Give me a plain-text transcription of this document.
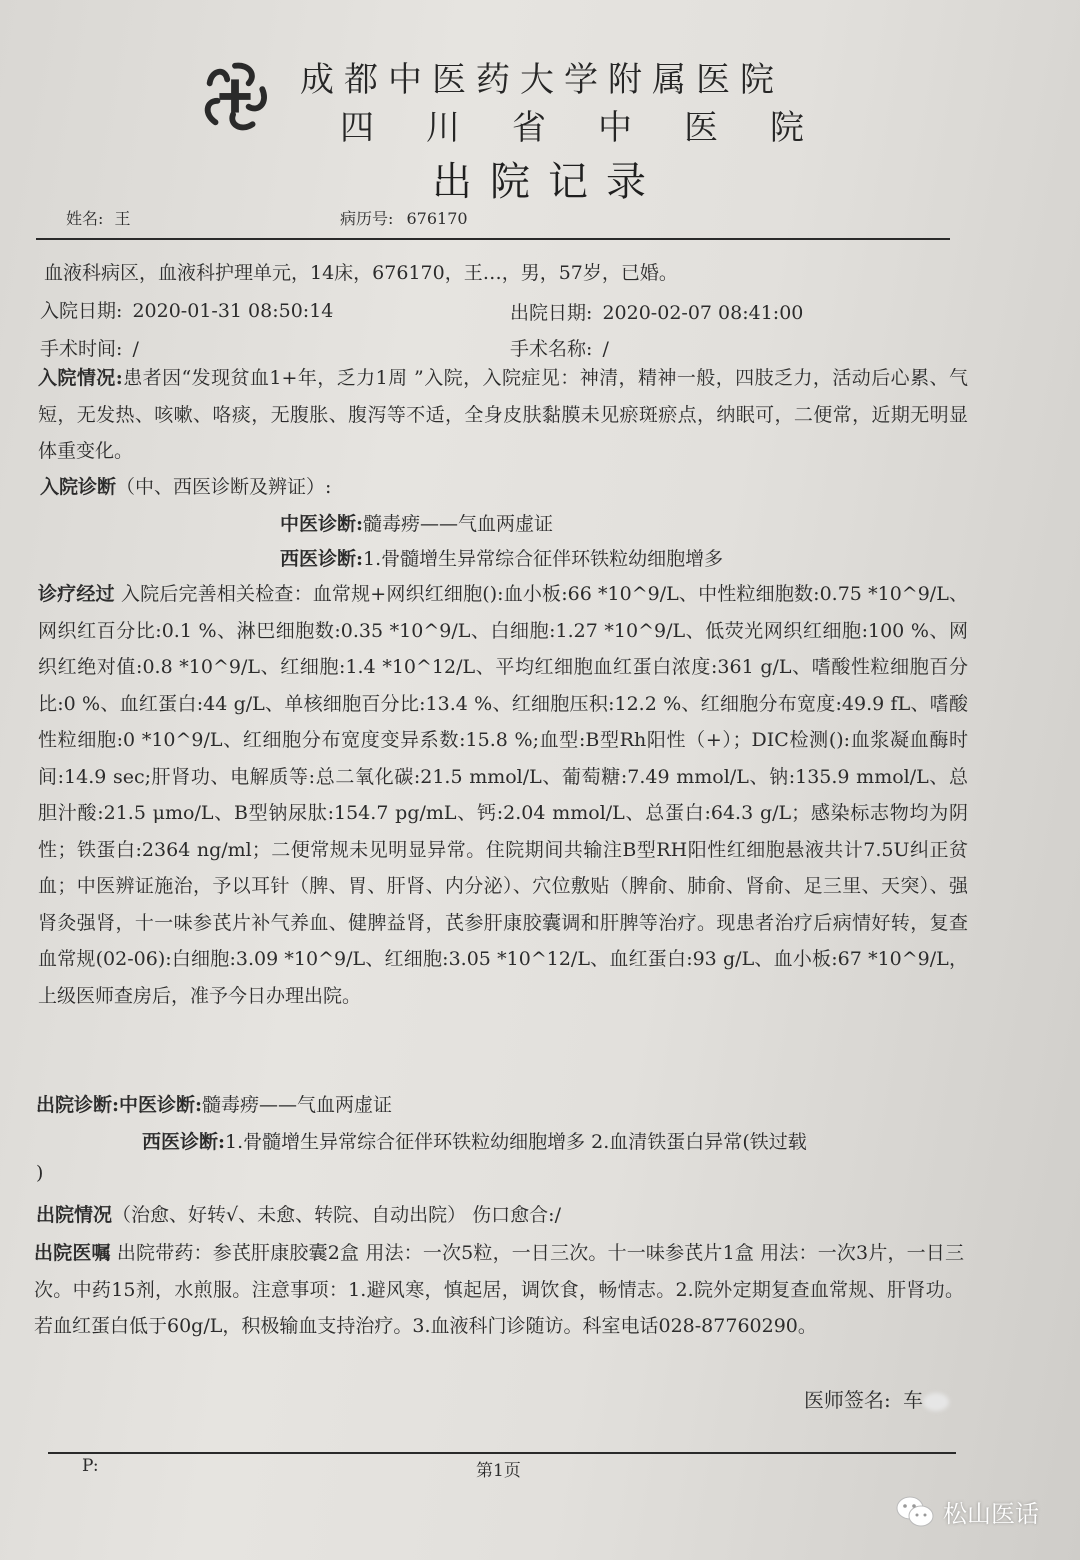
成都中医药大学附属医院
四川省中医院
出院记录
姓名: 王	病历号: 676170
血液科病区，血液科护理单元，14床，676170，王…，男，57岁，已婚。
入院日期: 2020-01-31 08:50:14	出院日期: 2020-02-07 08:41:00
手术时间: /	手术名称: /

入院情况:患者因“发现贫血1+年，乏力1周 ”入院，入院症见：神清，精神一般，四肢乏力，活动后心累、气短，无发热、咳嗽、咯痰，无腹胀、腹泻等不适，全身皮肤黏膜未见瘀斑瘀点，纳眠可，二便常，近期无明显体重变化。

入院诊断（中、西医诊断及辨证）:
中医诊断:髓毒痨——气血两虚证
西医诊断:1.骨髓增生异常综合征伴环铁粒幼细胞增多

诊疗经过 入院后完善相关检查：血常规+网织红细胞():血小板:66 *10^9/L、中性粒细胞数:0.75 *10^9/L、网织红百分比:0.1 %、淋巴细胞数:0.35 *10^9/L、白细胞:1.27 *10^9/L、低荧光网织红细胞:100 %、网织红绝对值:0.8 *10^9/L、红细胞:1.4 *10^12/L、平均红细胞血红蛋白浓度:361 g/L、嗜酸性粒细胞百分比:0 %、血红蛋白:44 g/L、单核细胞百分比:13.4 %、红细胞压积:12.2 %、红细胞分布宽度:49.9 fL、嗜酸性粒细胞:0 *10^9/L、红细胞分布宽度变异系数:15.8 %;血型:B型Rh阳性（+）；DIC检测():血浆凝血酶时间:14.9 sec;肝肾功、电解质等:总二氧化碳:21.5 mmol/L、葡萄糖:7.49 mmol/L、钠:135.9 mmol/L、总胆汁酸:21.5 μmo/L、B型钠尿肽:154.7 pg/mL、钙:2.04 mmol/L、总蛋白:64.3 g/L；感染标志物均为阴性；铁蛋白:2364 ng/ml；二便常规未见明显异常。住院期间共输注B型RH阳性红细胞悬液共计7.5U纠正贫血；中医辨证施治，予以耳针（脾、胃、肝肾、内分泌）、穴位敷贴（脾俞、肺俞、肾俞、足三里、天突）、强肾灸强肾，十一味参芪片补气养血、健脾益肾，芪参肝康胶囊调和肝脾等治疗。现患者治疗后病情好转，复查血常规(02-06):白细胞:3.09 *10^9/L、红细胞:3.05 *10^12/L、血红蛋白:93 g/L、血小板:67 *10^9/L，上级医师查房后，准予今日办理出院。

出院诊断:中医诊断:髓毒痨——气血两虚证
西医诊断:1.骨髓增生异常综合征伴环铁粒幼细胞增多 2.血清铁蛋白异常(铁过载
)
出院情况（治愈、好转√、未愈、转院、自动出院） 伤口愈合:/

出院医嘱 出院带药：参芪肝康胶囊2盒 用法：一次5粒，一日三次。十一味参芪片1盒 用法：一次3片，一日三次。中药15剂，水煎服。注意事项：1.避风寒，慎起居，调饮食，畅情志。2.院外定期复查血常规、肝肾功。若血红蛋白低于60g/L，积极输血支持治疗。3.血液科门诊随访。科室电话028-87760290。

医师签名: 车
P:	第1页
松山医话
